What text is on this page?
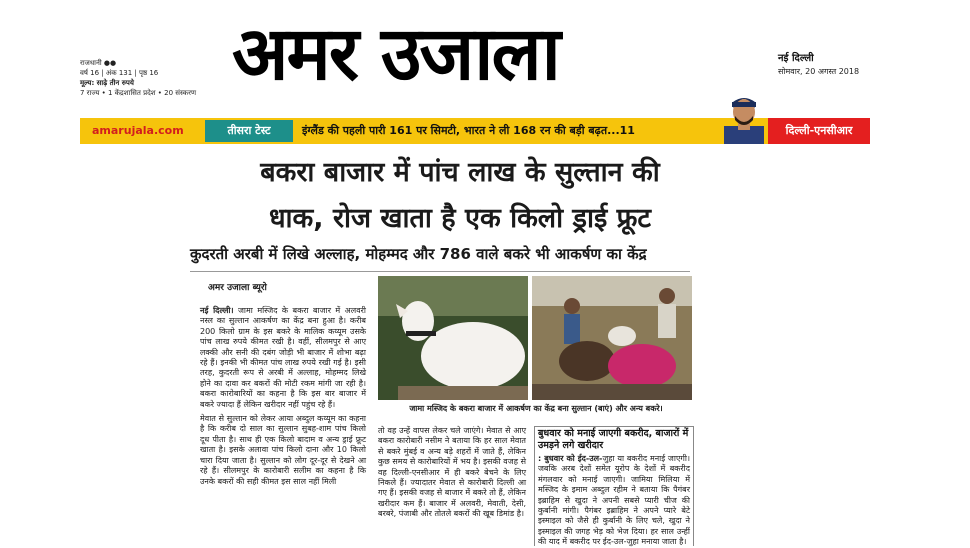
राजधानी ●●
वर्ष 16 | अंक 131 | पृष्ठ 16
मूल्य: साढ़े तीन रुपये
7 राज्य • 1 केंद्रशासित प्रदेश • 20 संस्करण अमर उजाला	नई दिल्ली
सोमवार, 20 अगस्त 2018
amarujala.com	तीसरा टेस्ट	इंग्लैंड की पहली पारी 161 पर सिमटी, भारत ने ली 168 रन की बड़ी बढ़त...11	दिल्ली-एनसीआर
बकरा बाजार में पांच लाख के सुल्तान की
धाक, रोज खाता है एक किलो ड्राई फ्रूट
कुदरती अरबी में लिखे अल्लाह, मोहम्मद और 786 वाले बकरे भी आकर्षण का केंद्र
अमर उजाला ब्यूरो

नई दिल्ली। जामा मस्जिद के बकरा बाजार में अलवरी नस्ल का सुल्तान आकर्षण का केंद्र बना हुआ है। करीब 200 किलो ग्राम के इस बकरे के मालिक कय्यूम उसके पांच लाख रुपये कीमत रखी है। वहीं, सीलमपुर से आए लक्की और सनी की दबंग जोड़ी भी बाजार में शोभा बढ़ा रहे हैं। इनकी भी कीमत पांच लाख रुपये रखी गई है। इसी तरह, कुदरती रूप से अरबी में अल्लाह, मोहम्मद लिखे होने का दावा कर बकरों की मोटी रकम मांगी जा रही है। बकरा कारोबारियों का कहना है कि इस बार बाजार में बकरे ज्यादा हैं लेकिन खरीदार नहीं पहुंच रहे हैं।

मेवात से सुल्तान को लेकर आया अब्दुल कय्यूम का कहना है कि करीब दो साल का सुल्तान सुबह-शाम पांच किलो दूध पीता है। साथ ही एक किलो बादाम व अन्य ड्राई फ्रूट खाता है। इसके अलावा पांच किलो दाना और 10 किलो चारा दिया जाता है। सुल्तान को लोग दूर-दूर से देखने आ रहे हैं। सीलमपुर के कारोबारी सलीम का कहना है कि उनके बकरों की सही कीमत इस साल नहीं मिली

जामा मस्जिद के बकरा बाजार में आकर्षण का केंद्र बना सुल्तान (बाएं) और अन्य बकरे।
तो वह उन्हें वापस लेकर चले जाएंगे। मेवात से आए बकरा कारोबारी नसीम ने बताया कि हर साल मेवात से बकरे मुंबई व अन्य बड़े शहरों में जाते हैं, लेकिन कुछ समय से कारोबारियों में भय है। इसकी वजह से वह दिल्ली-एनसीआर में ही बकरे बेचने के लिए निकले हैं। ज्यादातर मेवात से कारोबारी दिल्ली आ गए हैं। इसकी वजह से बाजार में बकरे तो हैं, लेकिन खरीदार कम हैं। बाजार में अलवरी, मेवाती, देसी, बरबरे, पंजाबी और तोतले बकरों की खूब डिमांड है।
बुधवार को मनाई जाएगी बकरीद, बाजारों में उमड़ने लगे खरीदार
: बुधवार को ईद-उल-जुहा या बकरीद मनाई जाएगी। जबकि अरब देशों समेत यूरोप के देशों में बकरीद मंगलवार को मनाई जाएगी। जामिया मिलिया में मस्जिद के इमाम अब्दुल रहीम ने बताया कि पैगंबर इब्राहिम से खुदा ने अपनी सबसे प्यारी चीज की कुर्बानी मांगी। पैगंबर इब्राहिम ने अपने प्यारे बेटे इस्माइल को जैसे ही कुर्बानी के लिए चले, खुदा ने इस्माइल की जगह भेड़ को भेज दिया। हर साल उन्हीं की याद में बकरीद पर ईद-उल-जुहा मनाया जाता है।
